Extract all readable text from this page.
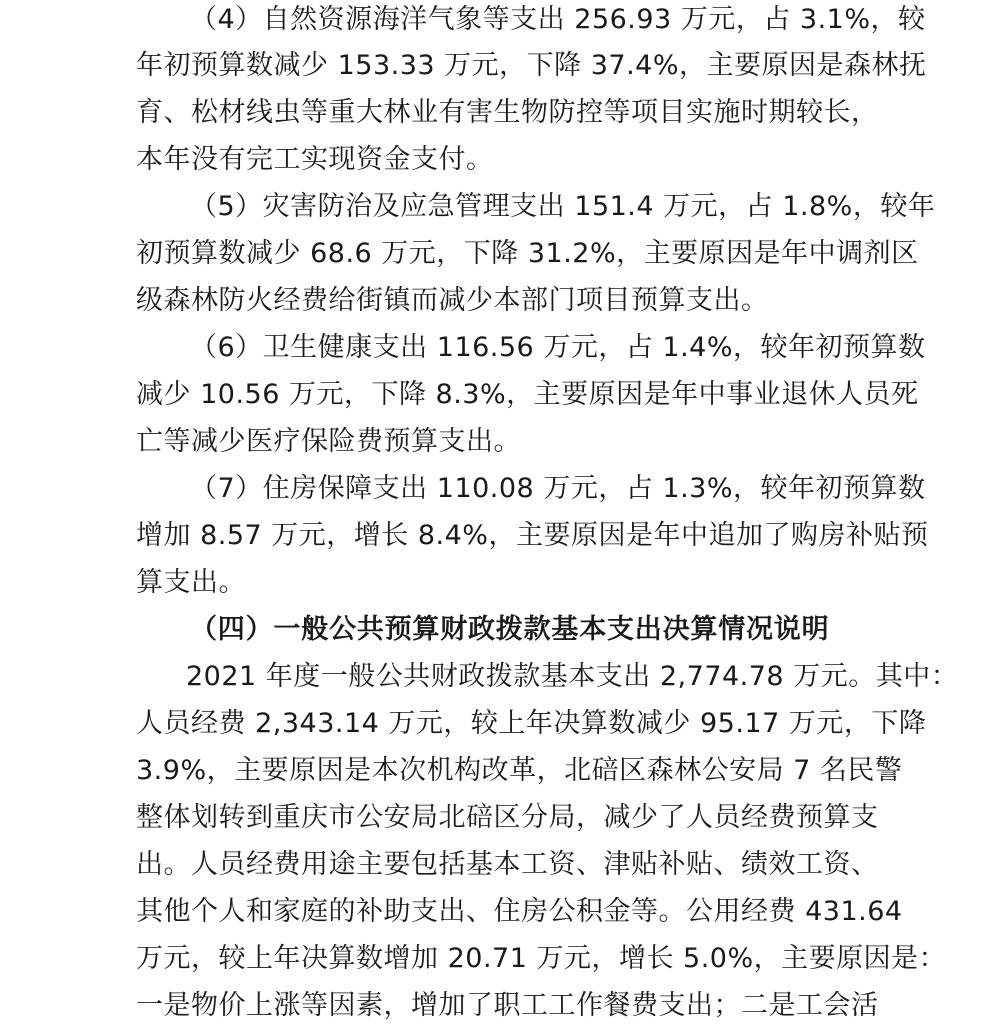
（4）自然资源海洋气象等支出 256.93 万元，占 3.1%，较
年初预算数减少 153.33 万元，下降 37.4%，主要原因是森林抚
育、松材线虫等重大林业有害生物防控等项目实施时期较长，
本年没有完工实现资金支付。
（5）灾害防治及应急管理支出 151.4 万元，占 1.8%，较年
初预算数减少 68.6 万元，下降 31.2%，主要原因是年中调剂区
级森林防火经费给街镇而减少本部门项目预算支出。
（6）卫生健康支出 116.56 万元，占 1.4%，较年初预算数
减少 10.56 万元，下降 8.3%，主要原因是年中事业退休人员死
亡等减少医疗保险费预算支出。
（7）住房保障支出 110.08 万元，占 1.3%，较年初预算数
增加 8.57 万元，增长 8.4%，主要原因是年中追加了购房补贴预
算支出。
（四）一般公共预算财政拨款基本支出决算情况说明
2021 年度一般公共财政拨款基本支出 2,774.78 万元。其中：
人员经费 2,343.14 万元，较上年决算数减少 95.17 万元，下降
3.9%，主要原因是本次机构改革，北碚区森林公安局 7 名民警
整体划转到重庆市公安局北碚区分局，减少了人员经费预算支
出。人员经费用途主要包括基本工资、津贴补贴、绩效工资、
其他个人和家庭的补助支出、住房公积金等。公用经费 431.64
万元，较上年决算数增加 20.71 万元，增长 5.0%，主要原因是：
一是物价上涨等因素，增加了职工工作餐费支出；二是工会活
